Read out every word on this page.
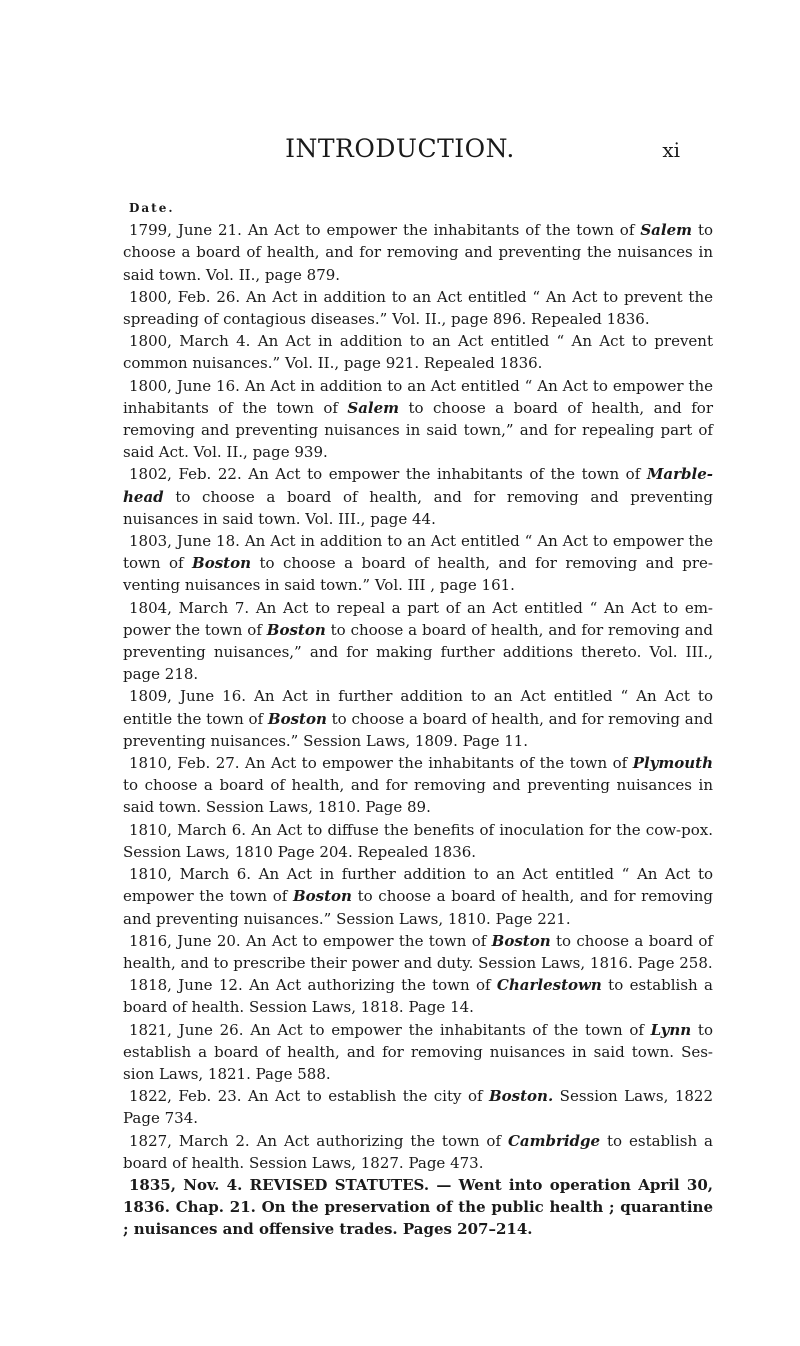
INTRODUCTION.	xi
Date.

1799, June 21. An Act to empower the inhabitants of the town of Salem to choose a board of health, and for removing and preventing the nuisances in said town. Vol. II., page 879.

1800, Feb. 26. An Act in addition to an Act entitled “ An Act to prevent the spreading of contagious diseases.” Vol. II., page 896. Repealed 1836.

1800, March 4. An Act in addition to an Act entitled “ An Act to prevent common nuisances.” Vol. II., page 921. Repealed 1836.

1800, June 16. An Act in addition to an Act entitled “ An Act to empower the inhabitants of the town of Salem to choose a board of health, and for removing and preventing nuisances in said town,” and for repealing part of said Act. Vol. II., page 939.

1802, Feb. 22. An Act to empower the inhabitants of the town of Marble-head to choose a board of health, and for removing and preventing nuisances in said town. Vol. III., page 44.

1803, June 18. An Act in addition to an Act entitled “ An Act to empower the town of Boston to choose a board of health, and for removing and pre-venting nuisances in said town.” Vol. III , page 161.

1804, March 7. An Act to repeal a part of an Act entitled “ An Act to em-power the town of Boston to choose a board of health, and for removing and preventing nuisances,” and for making further additions thereto. Vol. III., page 218.

1809, June 16. An Act in further addition to an Act entitled “ An Act to entitle the town of Boston to choose a board of health, and for removing and preventing nuisances.” Session Laws, 1809. Page 11.

1810, Feb. 27. An Act to empower the inhabitants of the town of Plymouth to choose a board of health, and for removing and preventing nuisances in said town. Session Laws, 1810. Page 89.

1810, March 6. An Act to diffuse the benefits of inoculation for the cow-pox. Session Laws, 1810 Page 204. Repealed 1836.

1810, March 6. An Act in further addition to an Act entitled “ An Act to empower the town of Boston to choose a board of health, and for removing and preventing nuisances.” Session Laws, 1810. Page 221.

1816, June 20. An Act to empower the town of Boston to choose a board of health, and to prescribe their power and duty. Session Laws, 1816. Page 258.

1818, June 12. An Act authorizing the town of Charlestown to establish a board of health. Session Laws, 1818. Page 14.

1821, June 26. An Act to empower the inhabitants of the town of Lynn to establish a board of health, and for removing nuisances in said town. Ses-sion Laws, 1821. Page 588.

1822, Feb. 23. An Act to establish the city of Boston. Session Laws, 1822 Page 734.

1827, March 2. An Act authorizing the town of Cambridge to establish a board of health. Session Laws, 1827. Page 473.

1835, Nov. 4. REVISED STATUTES. — Went into operation April 30, 1836. Chap. 21. On the preservation of the public health ; quarantine ; nuisances and offensive trades. Pages 207–214.
